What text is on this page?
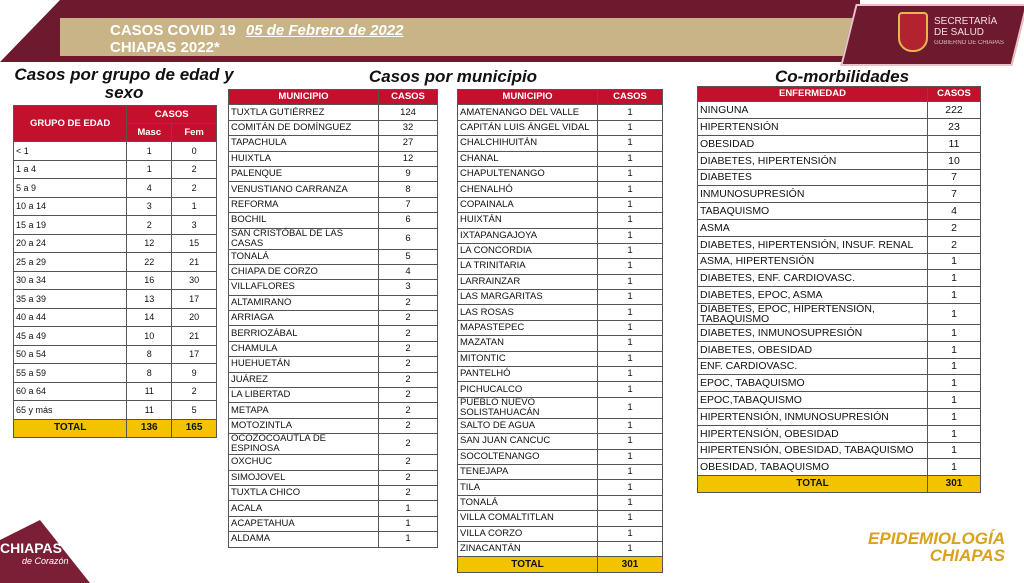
CASOS COVID 19 05 de Febrero de 2022
CHIAPAS 2022*
SECRETARÍA
DE SALUD
GOBIERNO DE CHIAPAS
Casos por grupo de edad y sexo
Casos por municipio	Co-morbilidades
GRUPO DE EDAD	CASOS	
	Masc	Fem
< 1	1	0
1 a 4	1	2
5 a 9	4	2
10 a 14	3	1
15 a 19	2	3
20 a 24	12	15
25 a 29	22	21
30 a 34	16	30
35 a 39	13	17
40 a 44	14	20
45 a 49	10	21
50 a 54	8	17
55 a 59	8	9
60 a 64	11	2
65 y más	11	5
TOTAL	136	165
MUNICIPIO	CASOS
TUXTLA GUTIÉRREZ	124
COMITÁN DE DOMÍNGUEZ	32
TAPACHULA	27
HUIXTLA	12
PALENQUE	9
VENUSTIANO CARRANZA	8
REFORMA	7
BOCHIL	6
SAN CRISTÓBAL DE LAS CASAS	6
TONALÁ	5
CHIAPA DE CORZO	4
VILLAFLORES	3
ALTAMIRANO	2
ARRIAGA	2
BERRIOZÁBAL	2
CHAMULA	2
HUEHUETÁN	2
JUÁREZ	2
LA LIBERTAD	2
METAPA	2
MOTOZINTLA	2
OCOZOCOAUTLA DE ESPINOSA	2
OXCHUC	2
SIMOJOVEL	2
TUXTLA CHICO	2
ACALA	1
ACAPETAHUA	1
ALDAMA	1
MUNICIPIO	CASOS
AMATENANGO DEL VALLE	1
CAPITÁN LUIS ÁNGEL VIDAL	1
CHALCHIHUITÁN	1
CHANAL	1
CHAPULTENANGO	1
CHENALHÓ	1
COPAINALA	1
HUIXTÁN	1
IXTAPANGAJOYA	1
LA CONCORDIA	1
LA TRINITARIA	1
LARRAINZAR	1
LAS MARGARITAS	1
LAS ROSAS	1
MAPASTEPEC	1
MAZATAN	1
MITONTIC	1
PANTELHÓ	1
PICHUCALCO	1
PUEBLO NUEVO SOLISTAHUACÁN	1
SALTO DE AGUA	1
SAN JUAN CANCUC	1
SOCOLTENANGO	1
TENEJAPA	1
TILA	1
TONALÁ	1
VILLA COMALTITLAN	1
VILLA CORZO	1
ZINACANTÁN	1
TOTAL	301
ENFERMEDAD	CASOS
NINGUNA	222
HIPERTENSIÓN	23
OBESIDAD	11
DIABETES, HIPERTENSIÓN	10
DIABETES	7
INMUNOSUPRESIÓN	7
TABAQUISMO	4
ASMA	2
DIABETES, HIPERTENSIÓN, INSUF. RENAL	2
ASMA, HIPERTENSIÓN	1
DIABETES, ENF. CARDIOVASC.	1
DIABETES, EPOC, ASMA	1
DIABETES, EPOC, HIPERTENSIÓN, TABAQUISMO	1
DIABETES, INMUNOSUPRESIÓN	1
DIABETES, OBESIDAD	1
ENF. CARDIOVASC.	1
EPOC, TABAQUISMO	1
EPOC,TABAQUISMO	1
HIPERTENSIÓN, INMUNOSUPRESIÓN	1
HIPERTENSIÓN, OBESIDAD	1
HIPERTENSIÓN, OBESIDAD, TABAQUISMO	1
OBESIDAD, TABAQUISMO	1
TOTAL	301
CHIAPAS
de Corazón
EPIDEMIOLOGÍA
CHIAPAS
